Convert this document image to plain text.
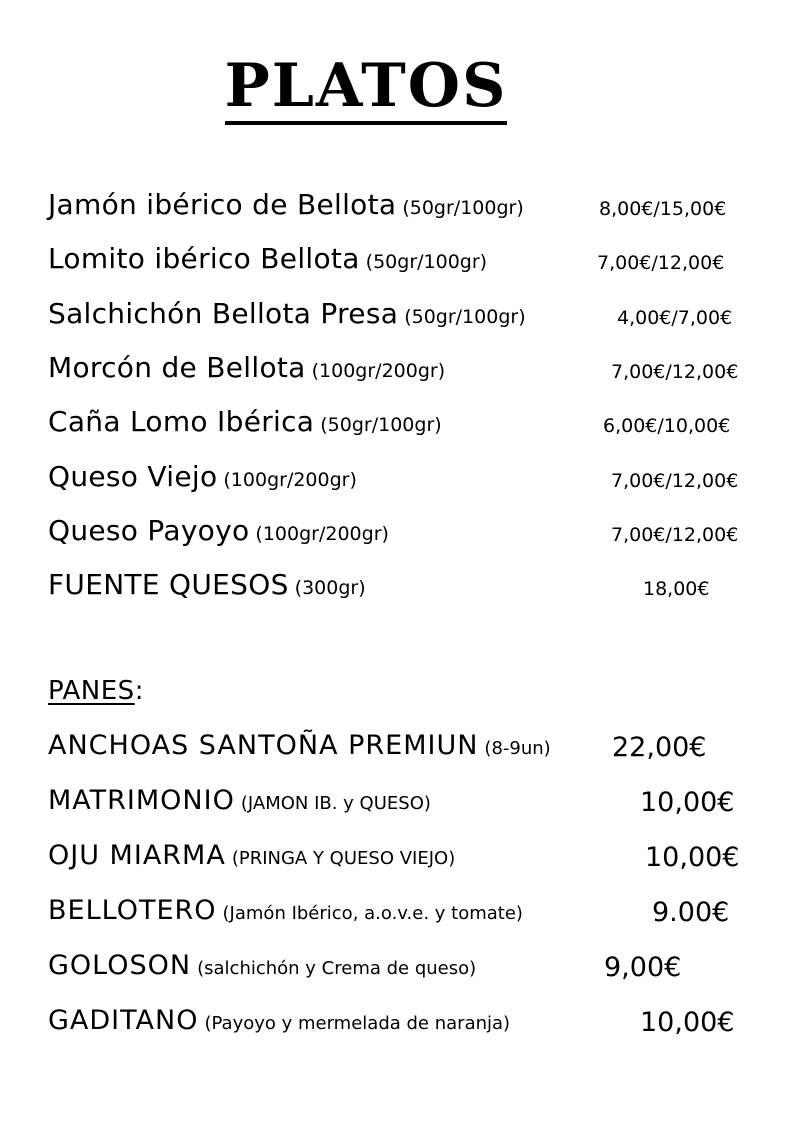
PLATOS
Jamón ibérico de Bellota (50gr/100gr)	8,00€/15,00€
Lomito ibérico Bellota (50gr/100gr)	7,00€/12,00€
Salchichón Bellota Presa (50gr/100gr)	4,00€/7,00€
Morcón de Bellota (100gr/200gr)	7,00€/12,00€
Caña Lomo Ibérica (50gr/100gr)	6,00€/10,00€
Queso Viejo (100gr/200gr)	7,00€/12,00€
Queso Payoyo (100gr/200gr)	7,00€/12,00€
FUENTE QUESOS (300gr)	18,00€
PANES:
ANCHOAS SANTOÑA PREMIUN (8-9un) 22,00€
MATRIMONIO (JAMON IB. y QUESO)	10,00€
OJU MIARMA (PRINGA Y QUESO VIEJO)	10,00€
BELLOTERO (Jamón Ibérico, a.o.v.e. y tomate)	9.00€
GOLOSON (salchichón y Crema de queso)	9,00€
GADITANO (Payoyo y mermelada de naranja)	10,00€
